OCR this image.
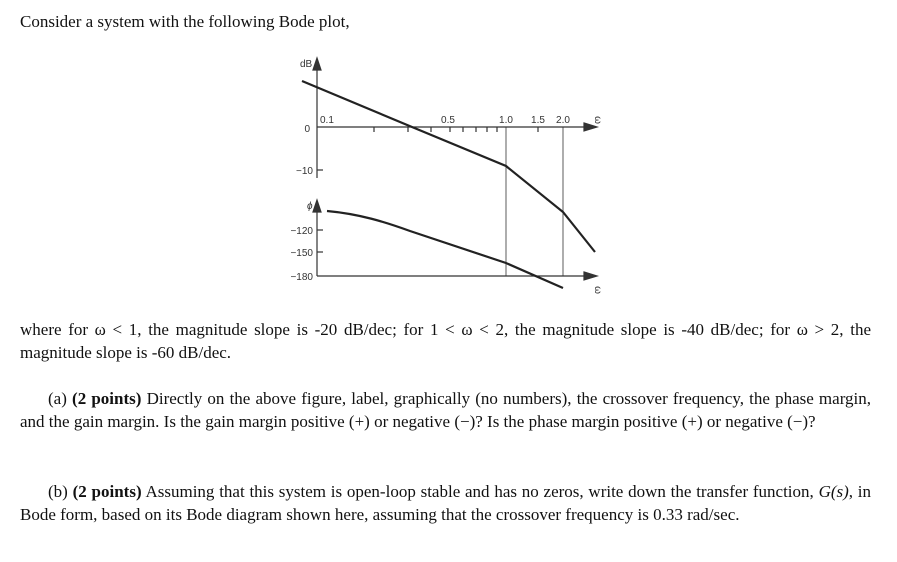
Consider a system with the following Bode plot,
dB
ϕ
0
−10
−120
−150
−180
0.1	0.5	1.0 1.5 2.0 ω
ω
where for ω < 1, the magnitude slope is -20 dB/dec; for 1 < ω < 2, the magnitude slope is -40 dB/dec; for ω > 2, the magnitude slope is -60 dB/dec.
(a) (2 points) Directly on the above figure, label, graphically (no numbers), the crossover frequency, the phase margin, and the gain margin. Is the gain margin positive (+) or negative (−)? Is the phase margin positive (+) or negative (−)?
(b) (2 points) Assuming that this system is open-loop stable and has no zeros, write down the transfer function, G(s), in Bode form, based on its Bode diagram shown here, assuming that the crossover frequency is 0.33 rad/sec.
